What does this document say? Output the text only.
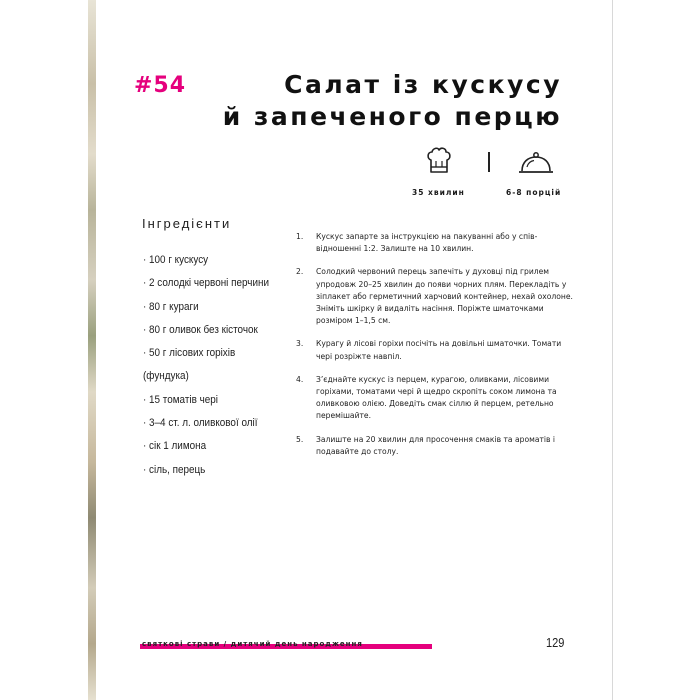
#54	Салат із кускусу
й запеченого перцю
35 хвилин	6-8 порцій
Інгредієнти
· 100 г кускусу
· 2 солодкі червоні перчини
· 80 г кураги
· 80 г оливок без кісточок
· 50 г лісових горіхів
(фундука)
· 15 томатів чері
· 3–4 ст. л. оливкової олії
· сік 1 лимона
· сіль, перець
1. Кускус запарте за інструкцією на пакуванні або у співвідношенні 1:2. Залиште на 10 хвилин.
2. Солодкий червоний перець запечіть у духовці під грилем упродовж 20–25 хвилин до появи чорних плям. Перекладіть у зіплакет або герметичний харчовий контейнер, нехай охолоне. Зніміть шкірку й видаліть насіння. Поріжте шматочками розміром 1–1,5 см.
3. Курагу й лісові горіхи посічіть на довільні шматочки. Томати чері розріжте навпіл.
4. З’єднайте кускус із перцем, курагою, оливками, лісовими горіхами, томатами чері й щедро скропіть соком лимона та оливковою олією. Доведіть смак сіллю й перцем, ретельно перемішайте.
5. Залиште на 20 хвилин для просочення смаків та ароматів і подавайте до столу.
святкові страви / дитячий день народження	129
